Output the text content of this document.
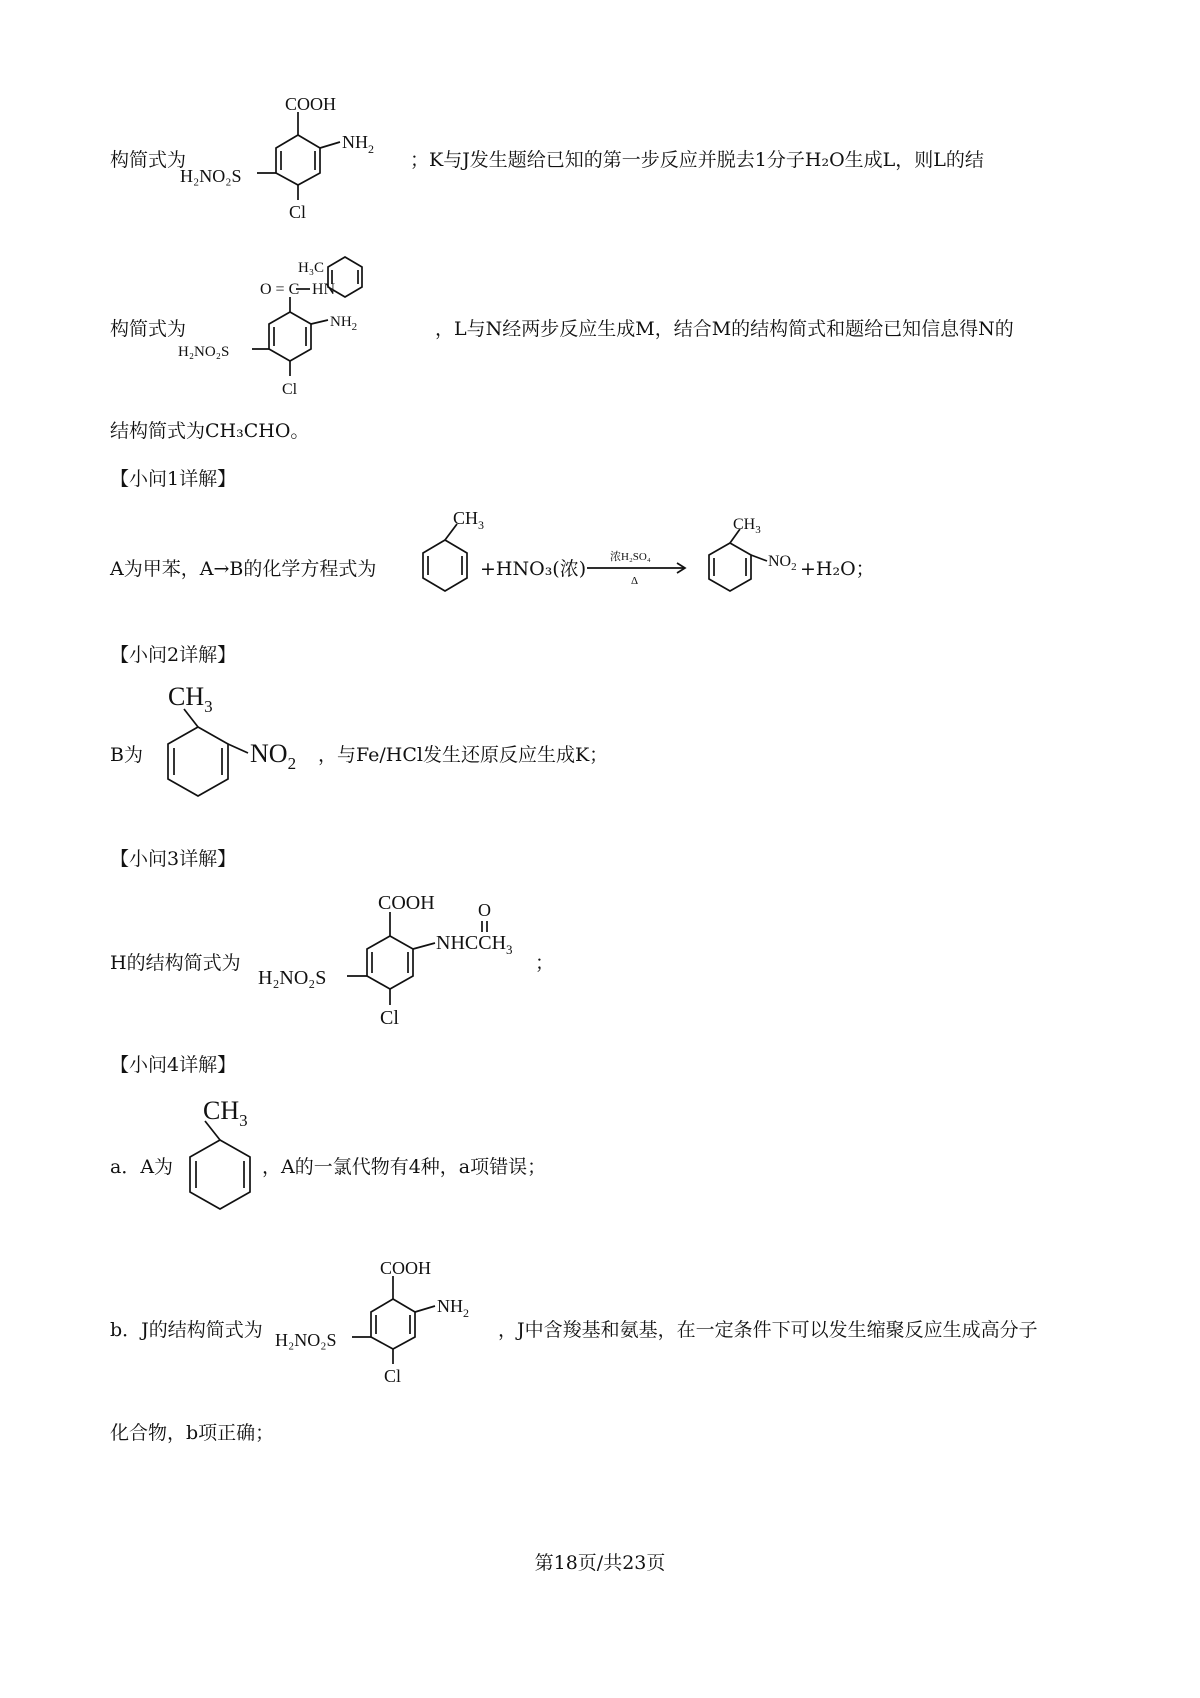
构简式为
COOH
$NH_2$
H₂NO₂S
Cl
；K与J发生题给已知的第一步反应并脱去1分子H₂O生成L，则L的结
构简式为
H₃C
O = C HN
$NH_2$
H₂NO₂S
Cl
，L与N经两步反应生成M，结合M的结构简式和题给已知信息得N的
结构简式为CH₃CHO。
【小问1详解】
A为甲苯，A→B的化学方程式为
$CH_3$
+HNO₃(浓)
浓H₂SO₄
Δ
$CH_3$
$NO_2 +H_2O$；
【小问2详解】
B为
$CH_3$
$NO_2$ ，与Fe/HCl发生还原反应生成K；
【小问3详解】
H的结构简式为
COOH
$NHCCH_3$
O
H₂NO₂S
Cl
；
【小问4详解】
a．A为
$CH_3$
，A的一氯代物有4种，a项错误；
b．J的结构简式为
COOH
$NH_2$
H₂NO₂S
Cl
，J中含羧基和氨基，在一定条件下可以发生缩聚反应生成高分子
化合物，b项正确；
第18页/共23页
